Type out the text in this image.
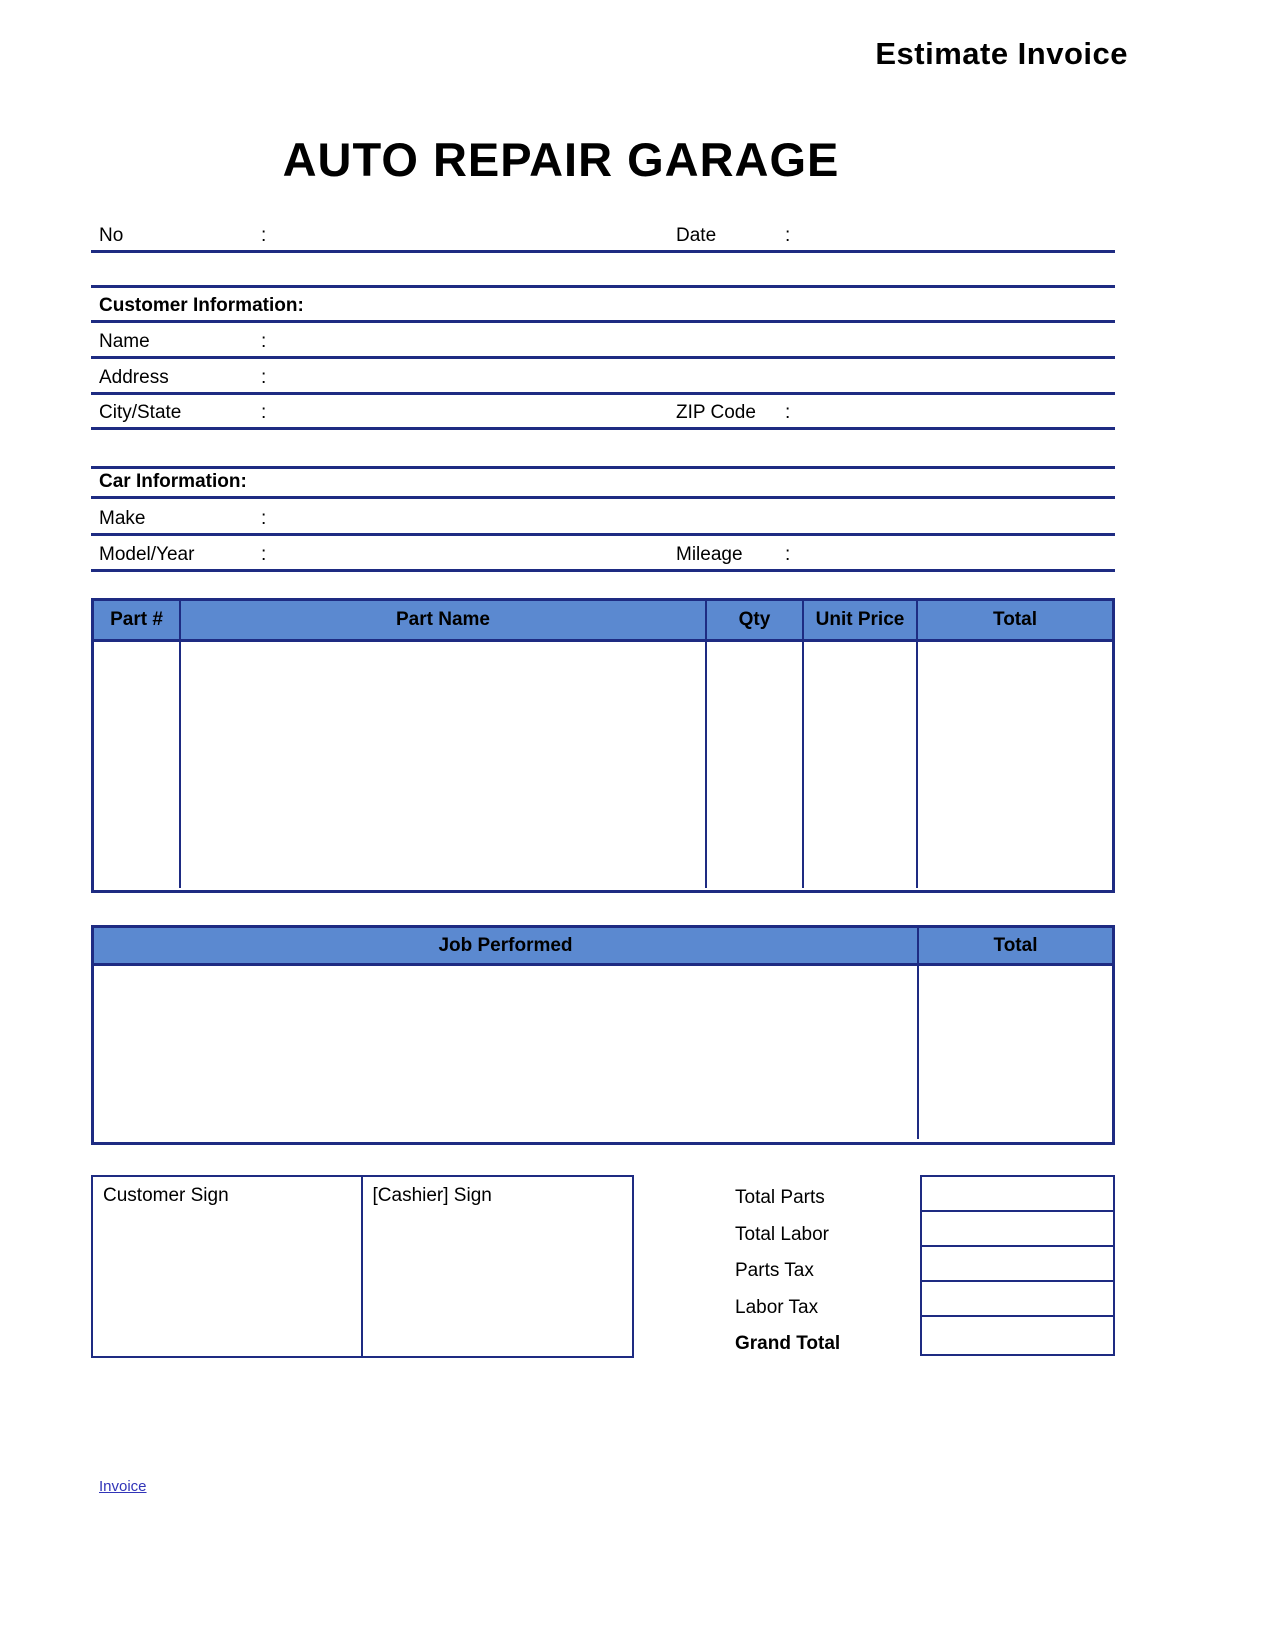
Estimate Invoice
AUTO REPAIR GARAGE
No	:	Date	:
Customer Information:
Name	:
Address	:
City/State	:	ZIP Code :
Car Information:
Make	:
Model/Year	:	Mileage :
Part #	Part Name	Qty	Unit Price	Total
Job Performed	Total
Customer Sign	[Cashier] Sign	Total Parts
Total Labor
Parts Tax
Labor Tax
Grand Total
Invoice
